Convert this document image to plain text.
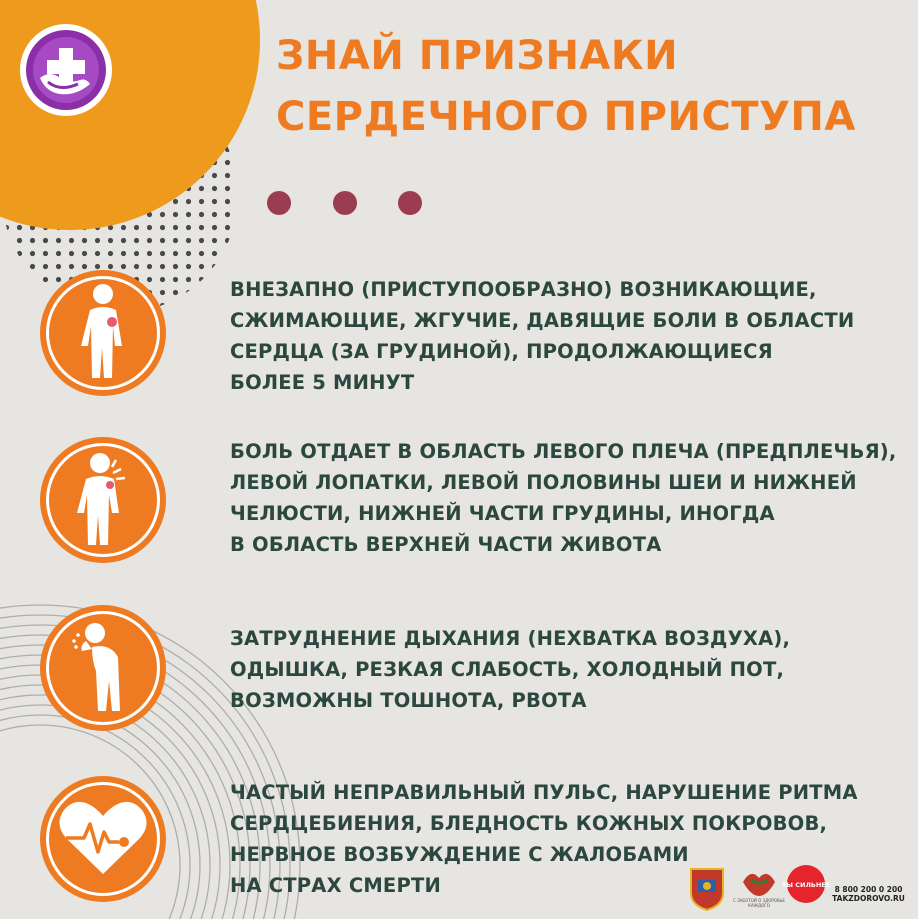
ЗНАЙ ПРИЗНАКИ
СЕРДЕЧНОГО ПРИСТУПА

ВНЕЗАПНО (ПРИСТУПООБРАЗНО) ВОЗНИКАЮЩИЕ,
СЖИМАЮЩИЕ, ЖГУЧИЕ, ДАВЯЩИЕ БОЛИ В ОБЛАСТИ
СЕРДЦА (ЗА ГРУДИНОЙ), ПРОДОЛЖАЮЩИЕСЯ
БОЛЕЕ 5 МИНУТ

БОЛЬ ОТДАЕТ В ОБЛАСТЬ ЛЕВОГО ПЛЕЧА (ПРЕДПЛЕЧЬЯ),
ЛЕВОЙ ЛОПАТКИ, ЛЕВОЙ ПОЛОВИНЫ ШЕИ И НИЖНЕЙ
ЧЕЛЮСТИ, НИЖНЕЙ ЧАСТИ ГРУДИНЫ, ИНОГДА
В ОБЛАСТЬ ВЕРХНЕЙ ЧАСТИ ЖИВОТА

ЗАТРУДНЕНИЕ ДЫХАНИЯ (НЕХВАТКА ВОЗДУХА),
ОДЫШКА, РЕЗКАЯ СЛАБОСТЬ, ХОЛОДНЫЙ ПОТ,
ВОЗМОЖНЫ ТОШНОТА, РВОТА

ЧАСТЫЙ НЕПРАВИЛЬНЫЙ ПУЛЬС, НАРУШЕНИЕ РИТМА
СЕРДЦЕБИЕНИЯ, БЛЕДНОСТЬ КОЖНЫХ ПОКРОВОВ,
НЕРВНОЕ ВОЗБУЖДЕНИЕ С ЖАЛОБАМИ
НА СТРАХ СМЕРТИ

С ЗАБОТОЙ О ЗДОРОВЬЕ КАЖДОГО
ТЫ СИЛЬНЕЕ 8 800 200 0 200
TAKZDOROVO.RU
